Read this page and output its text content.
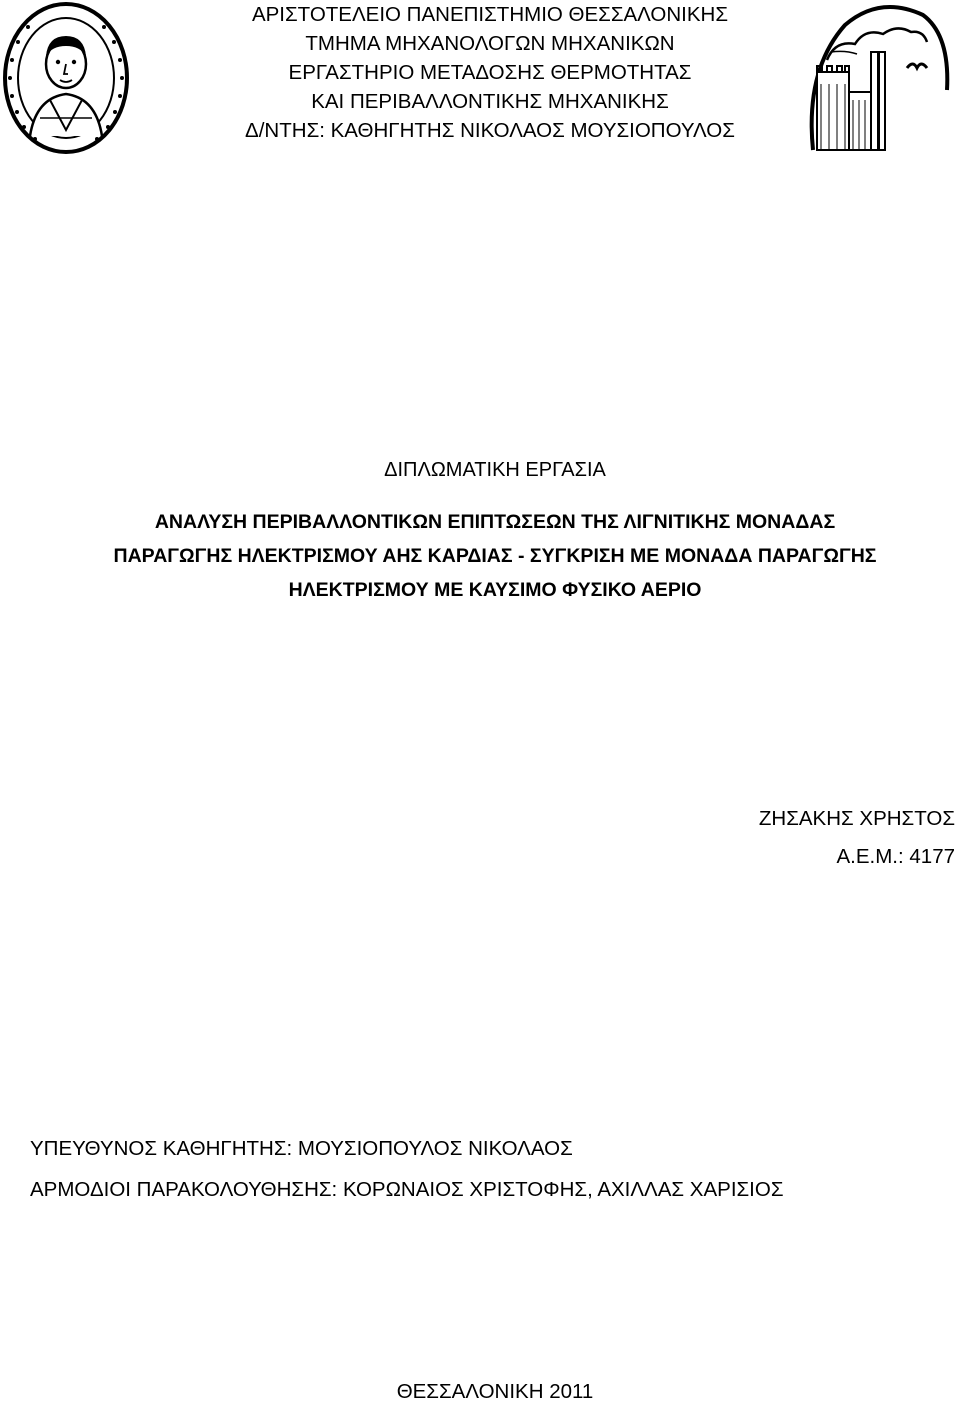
ΑΡΙΣΤΟΤΕΛΕΙΟ ΠΑΝΕΠΙΣΤΗΜΙΟ ΘΕΣΣΑΛΟΝΙΚΗΣ
ΤΜΗΜΑ ΜΗΧΑΝΟΛΟΓΩΝ ΜΗΧΑΝΙΚΩΝ
ΕΡΓΑΣΤΗΡΙΟ ΜΕΤΑΔΟΣΗΣ ΘΕΡΜΟΤΗΤΑΣ
ΚΑΙ ΠΕΡΙΒΑΛΛΟΝΤΙΚΗΣ ΜΗΧΑΝΙΚΗΣ
Δ/ΝΤΗΣ: ΚΑΘΗΓΗΤΗΣ ΝΙΚΟΛΑΟΣ ΜΟΥΣΙΟΠΟΥΛΟΣ
ΔΙΠΛΩΜΑΤΙΚΗ ΕΡΓΑΣΙΑ
ΑΝΑΛΥΣΗ ΠΕΡΙΒΑΛΛΟΝΤΙΚΩΝ ΕΠΙΠΤΩΣΕΩΝ ΤΗΣ ΛΙΓΝΙΤΙΚΗΣ ΜΟΝΑΔΑΣ
ΠΑΡΑΓΩΓΗΣ ΗΛΕΚΤΡΙΣΜΟΥ ΑΗΣ ΚΑΡΔΙΑΣ - ΣΥΓΚΡΙΣΗ ΜΕ ΜΟΝΑΔΑ ΠΑΡΑΓΩΓΗΣ
ΗΛΕΚΤΡΙΣΜΟΥ ΜΕ ΚΑΥΣΙΜΟ ΦΥΣΙΚΟ ΑΕΡΙΟ
ΖΗΣΑΚΗΣ ΧΡΗΣΤΟΣ
Α.Ε.Μ.: 4177
ΥΠΕΥΘΥΝΟΣ ΚΑΘΗΓΗΤΗΣ: ΜΟΥΣΙΟΠΟΥΛΟΣ ΝΙΚΟΛΑΟΣ
ΑΡΜΟΔΙΟΙ ΠΑΡΑΚΟΛΟΥΘΗΣΗΣ: ΚΟΡΩΝΑΙΟΣ ΧΡΙΣΤΟΦΗΣ, ΑΧΙΛΛΑΣ ΧΑΡΙΣΙΟΣ
ΘΕΣΣΑΛΟΝΙΚΗ 2011
